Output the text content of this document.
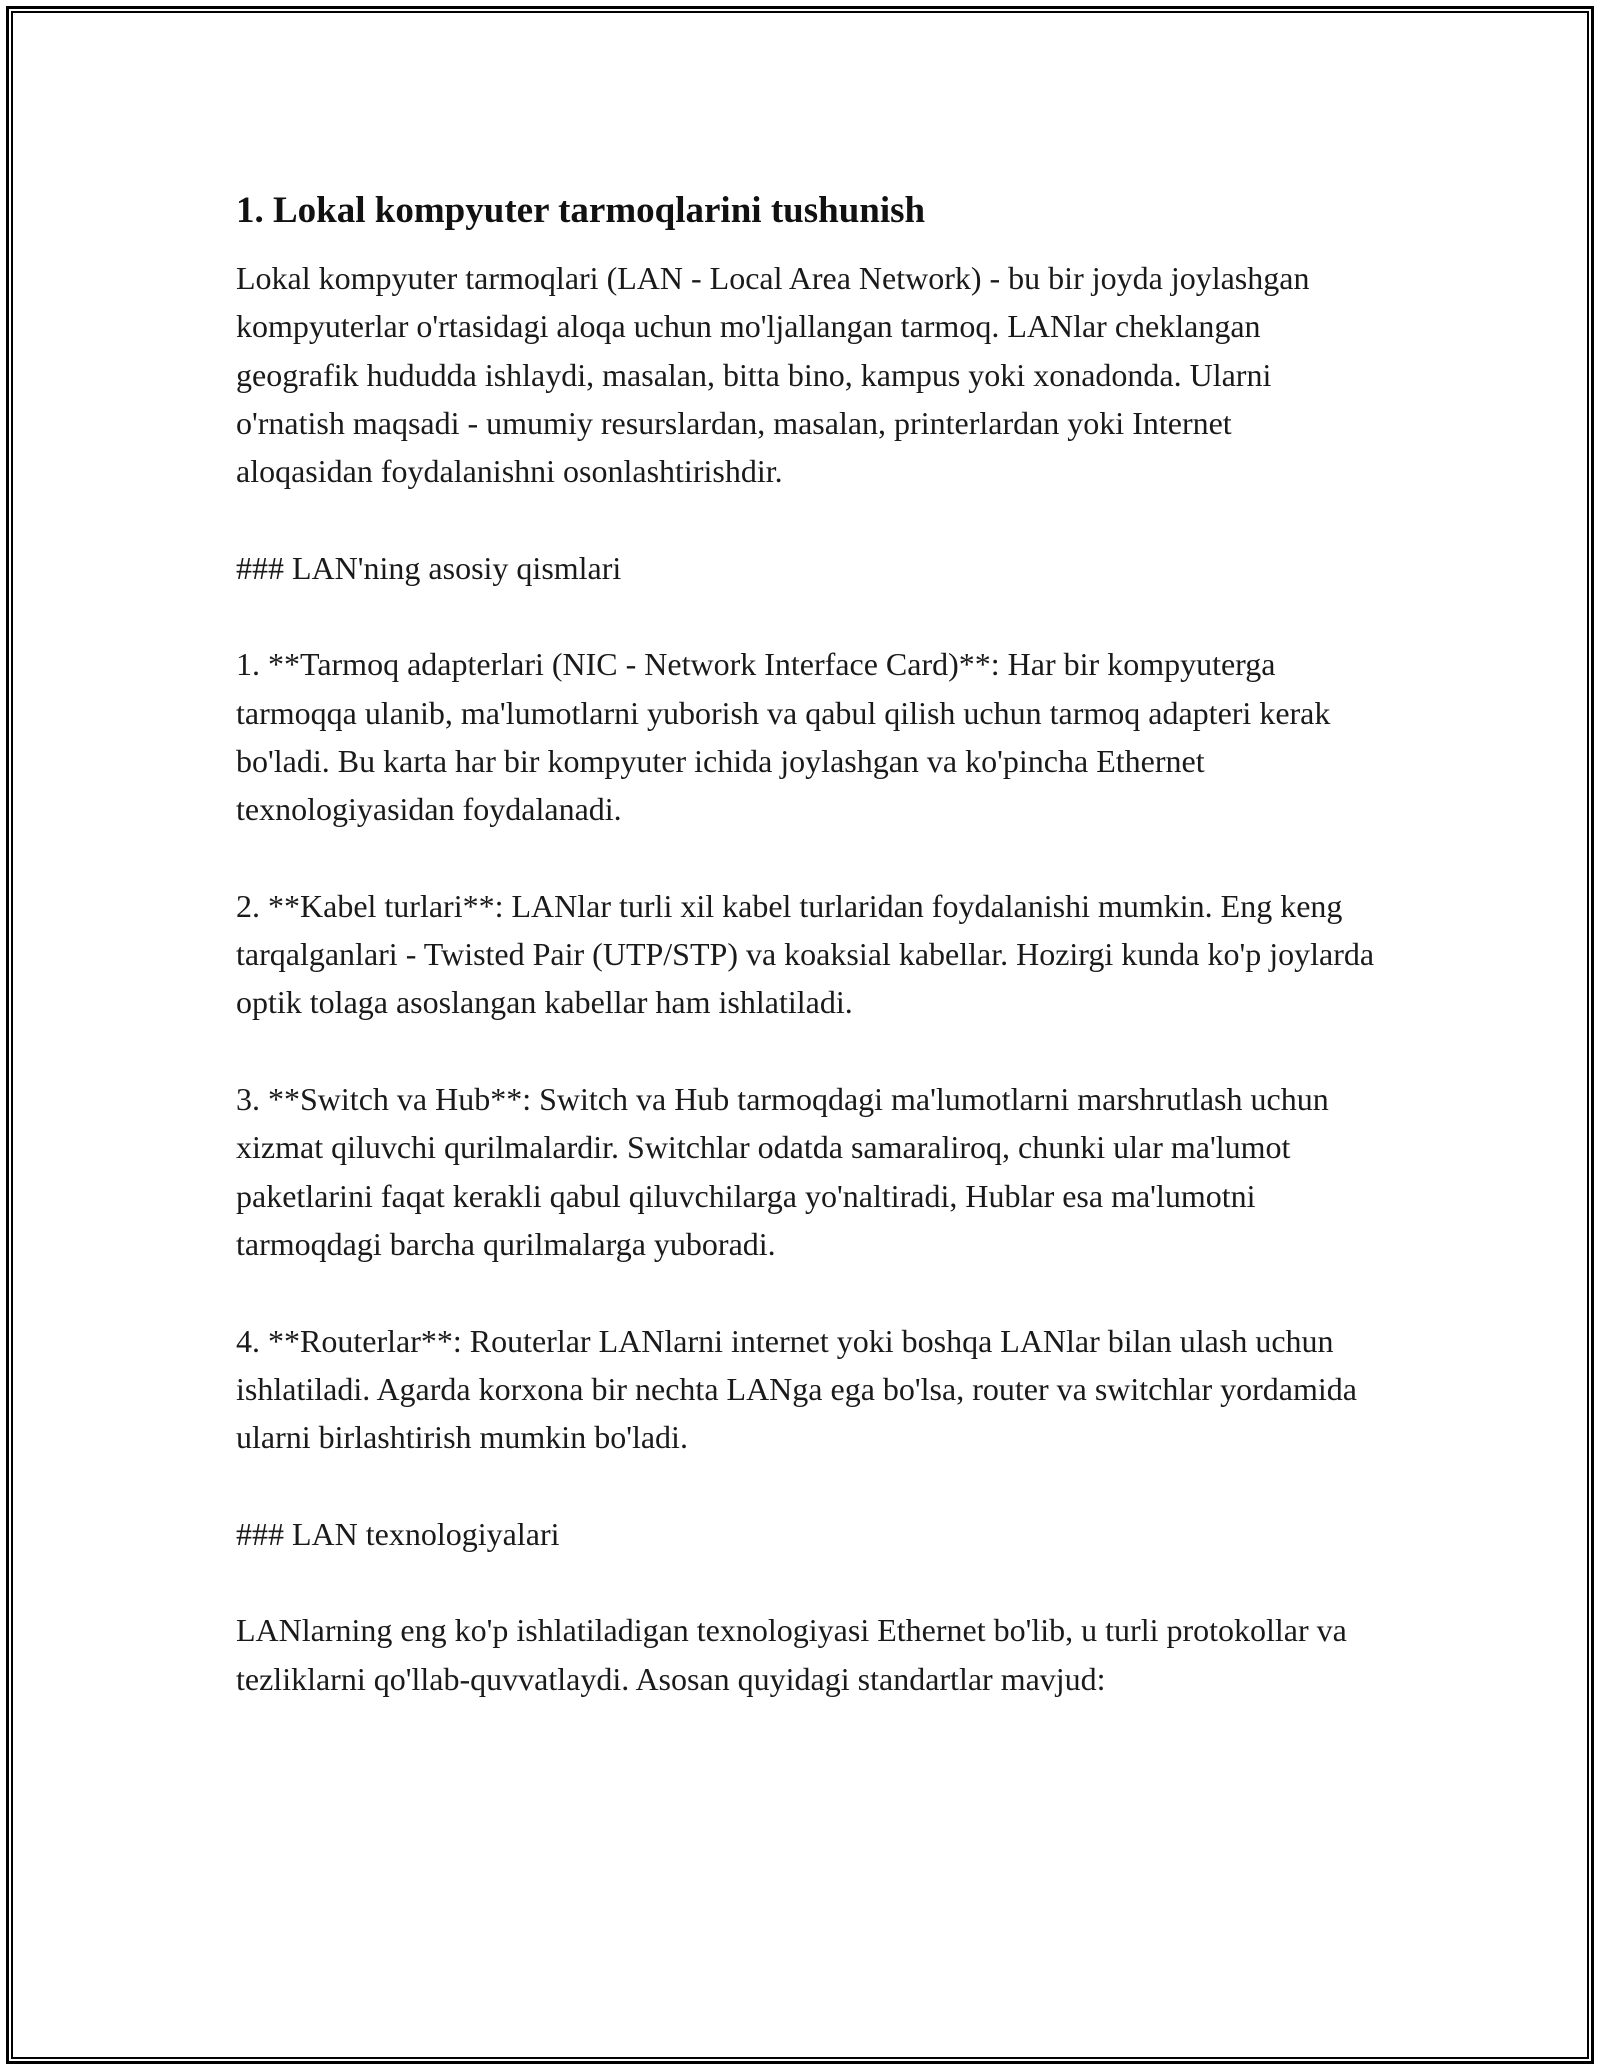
1. Lokal kompyuter tarmoqlarini tushunish

Lokal kompyuter tarmoqlari (LAN - Local Area Network) - bu bir joyda joylashgan kompyuterlar o'rtasidagi aloqa uchun mo'ljallangan tarmoq. LANlar cheklangan geografik hududda ishlaydi, masalan, bitta bino, kampus yoki xonadonda. Ularni o'rnatish maqsadi - umumiy resurslardan, masalan, printerlardan yoki Internet aloqasidan foydalanishni osonlashtirishdir.

### LAN'ning asosiy qismlari

1. **Tarmoq adapterlari (NIC - Network Interface Card)**: Har bir kompyuterga tarmoqqa ulanib, ma'lumotlarni yuborish va qabul qilish uchun tarmoq adapteri kerak bo'ladi. Bu karta har bir kompyuter ichida joylashgan va ko'pincha Ethernet texnologiyasidan foydalanadi.

2. **Kabel turlari**: LANlar turli xil kabel turlaridan foydalanishi mumkin. Eng keng tarqalganlari - Twisted Pair (UTP/STP) va koaksial kabellar. Hozirgi kunda ko'p joylarda optik tolaga asoslangan kabellar ham ishlatiladi.

3. **Switch va Hub**: Switch va Hub tarmoqdagi ma'lumotlarni marshrutlash uchun xizmat qiluvchi qurilmalardir. Switchlar odatda samaraliroq, chunki ular ma'lumot paketlarini faqat kerakli qabul qiluvchilarga yo'naltiradi, Hublar esa ma'lumotni tarmoqdagi barcha qurilmalarga yuboradi.

4. **Routerlar**: Routerlar LANlarni internet yoki boshqa LANlar bilan ulash uchun ishlatiladi. Agarda korxona bir nechta LANga ega bo'lsa, router va switchlar yordamida ularni birlashtirish mumkin bo'ladi.

### LAN texnologiyalari

LANlarning eng ko'p ishlatiladigan texnologiyasi Ethernet bo'lib, u turli protokollar va tezliklarni qo'llab-quvvatlaydi. Asosan quyidagi standartlar mavjud:
